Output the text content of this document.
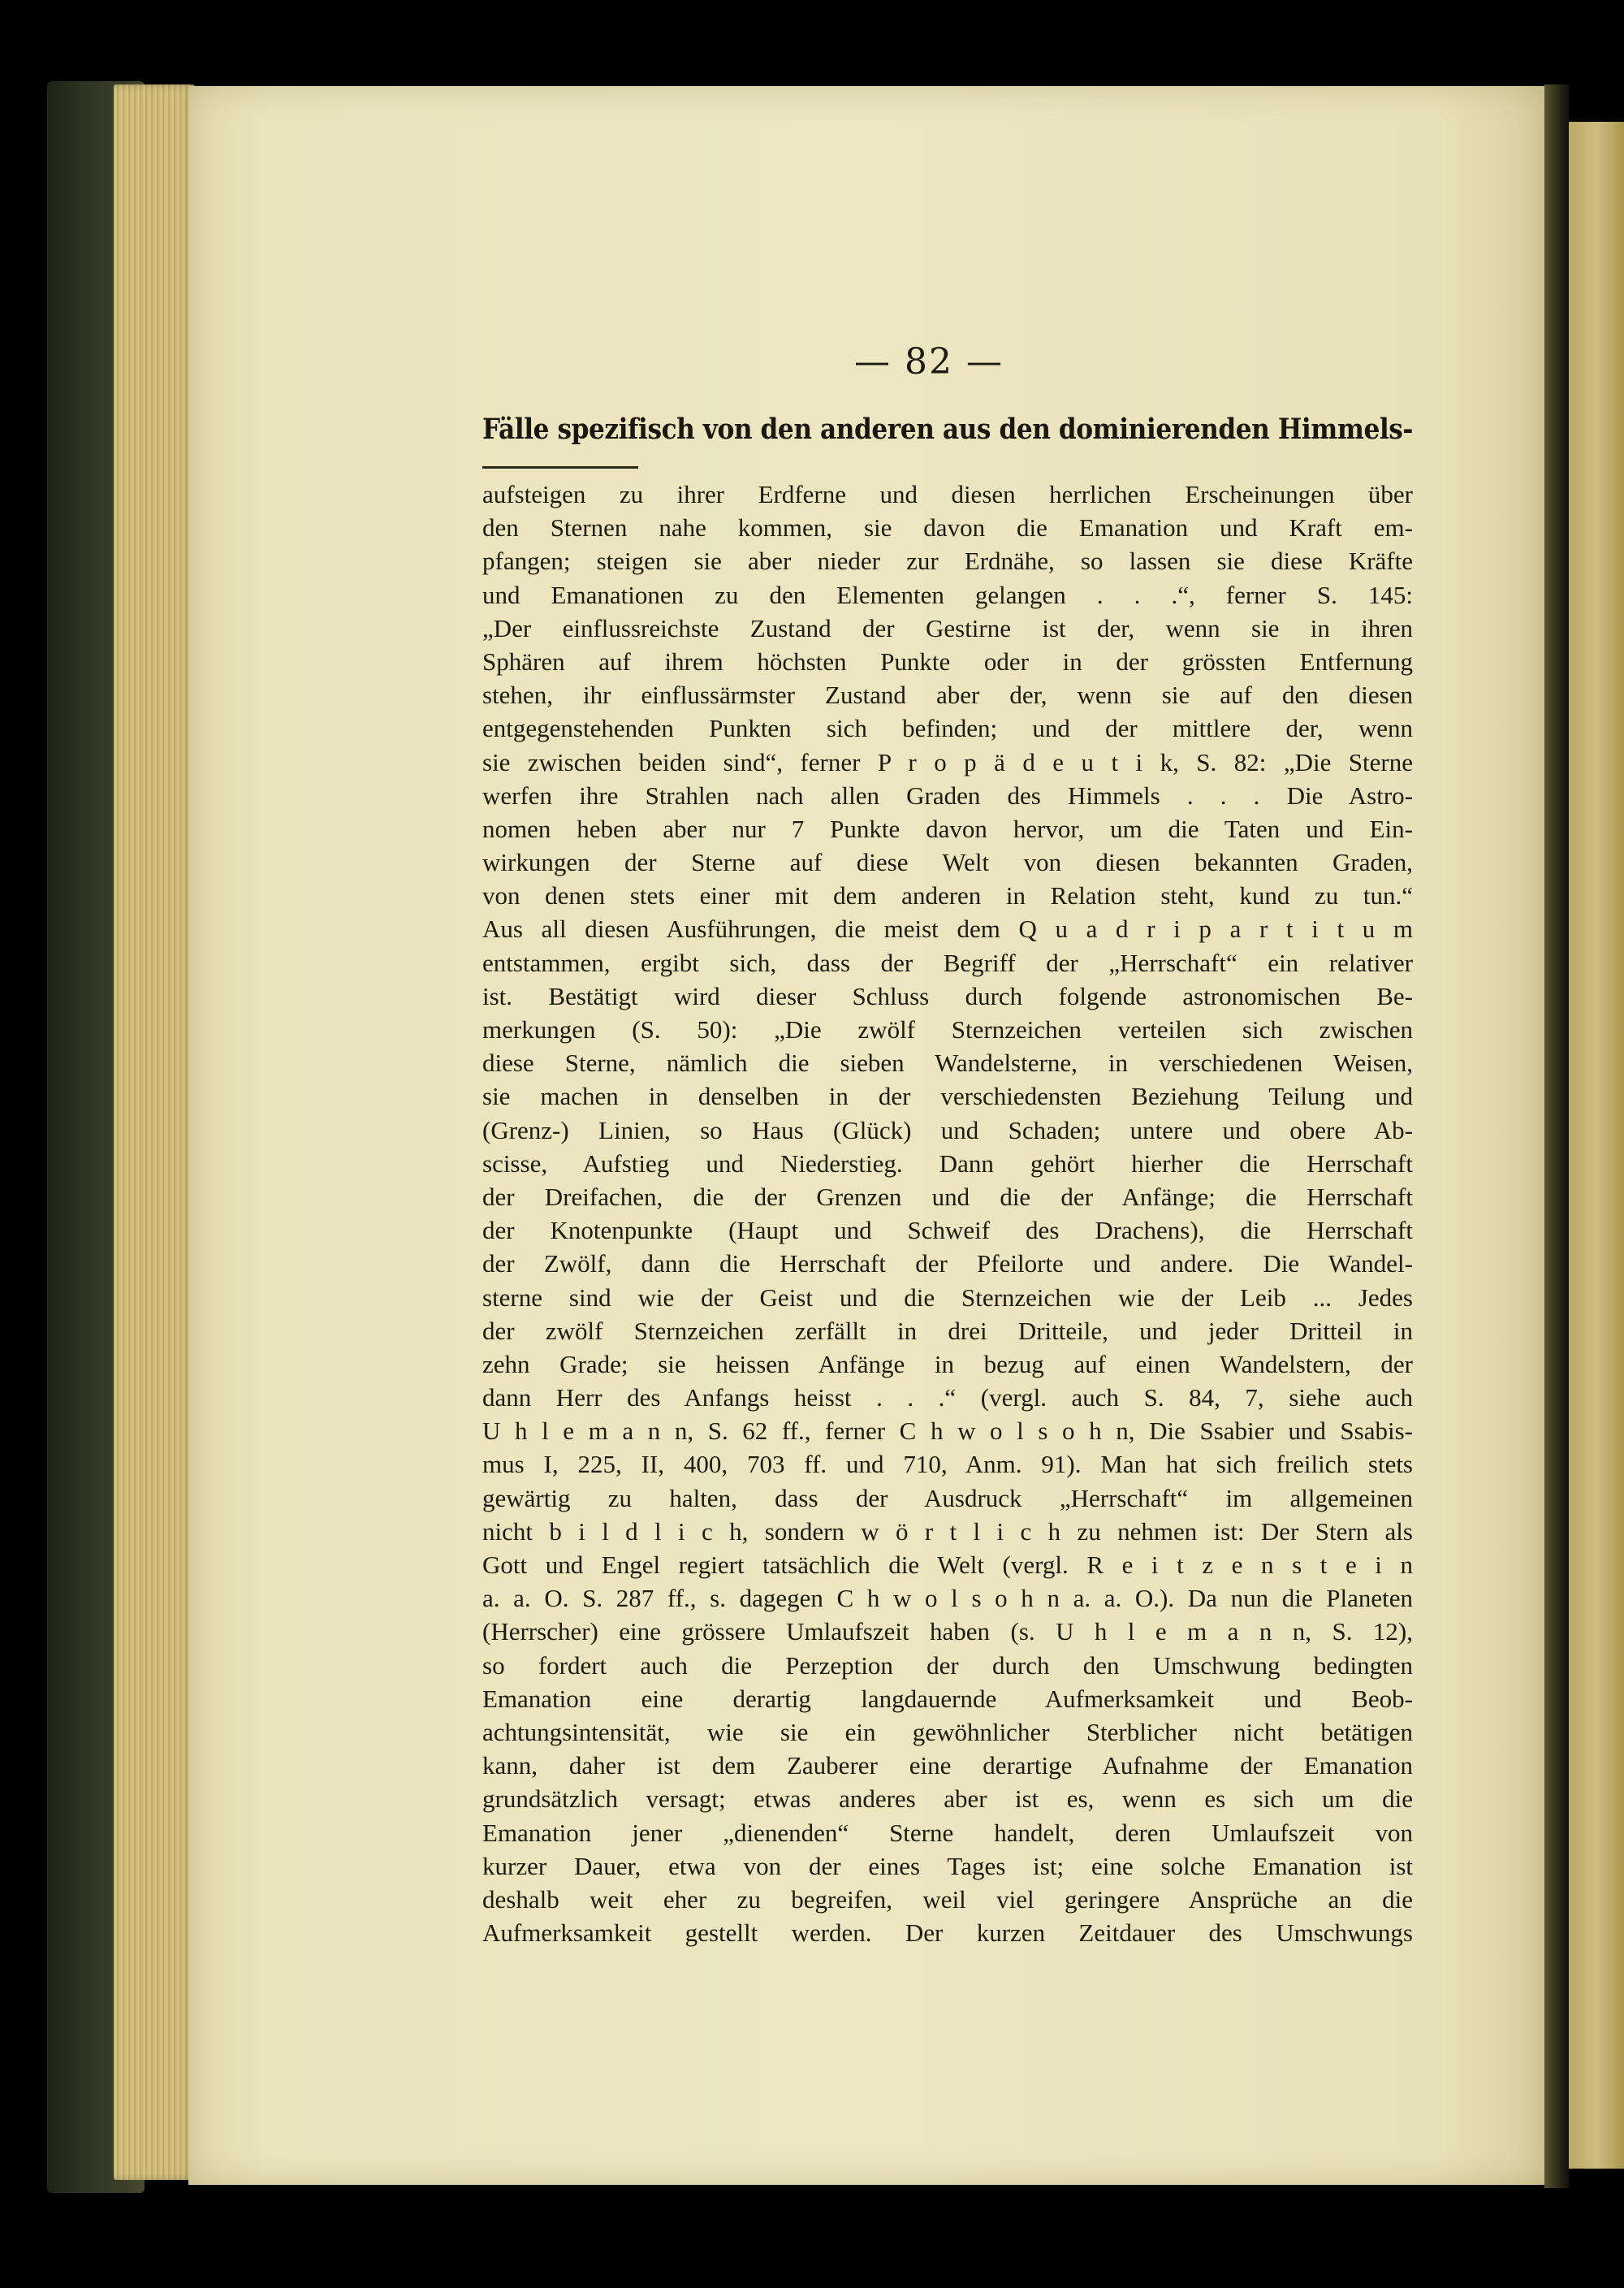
— 82 —
Fälle spezifisch von den anderen aus den dominierenden Himmels-
aufsteigen zu ihrer Erdferne und diesen herrlichen Erscheinungen über
den Sternen nahe kommen, sie davon die Emanation und Kraft em-
pfangen; steigen sie aber nieder zur Erdnähe, so lassen sie diese Kräfte
und Emanationen zu den Elementen gelangen . . .“, ferner S. 145:
„Der einflussreichste Zustand der Gestirne ist der, wenn sie in ihren
Sphären auf ihrem höchsten Punkte oder in der grössten Entfernung
stehen, ihr einflussärmster Zustand aber der, wenn sie auf den diesen
entgegenstehenden Punkten sich befinden; und der mittlere der, wenn
sie zwischen beiden sind“, ferner P r o p ä d e u t i k, S. 82: „Die Sterne
werfen ihre Strahlen nach allen Graden des Himmels . . . Die Astro-
nomen heben aber nur 7 Punkte davon hervor, um die Taten und Ein-
wirkungen der Sterne auf diese Welt von diesen bekannten Graden,
von denen stets einer mit dem anderen in Relation steht, kund zu tun.“
Aus all diesen Ausführungen, die meist dem Q u a d r i p a r t i t u m
entstammen, ergibt sich, dass der Begriff der „Herrschaft“ ein relativer
ist. Bestätigt wird dieser Schluss durch folgende astronomischen Be-
merkungen (S. 50): „Die zwölf Sternzeichen verteilen sich zwischen
diese Sterne, nämlich die sieben Wandelsterne, in verschiedenen Weisen,
sie machen in denselben in der verschiedensten Beziehung Teilung und
(Grenz-) Linien, so Haus (Glück) und Schaden; untere und obere Ab-
scisse, Aufstieg und Niederstieg. Dann gehört hierher die Herrschaft
der Dreifachen, die der Grenzen und die der Anfänge; die Herrschaft
der Knotenpunkte (Haupt und Schweif des Drachens), die Herrschaft
der Zwölf, dann die Herrschaft der Pfeilorte und andere. Die Wandel-
sterne sind wie der Geist und die Sternzeichen wie der Leib ... Jedes
der zwölf Sternzeichen zerfällt in drei Dritteile, und jeder Dritteil in
zehn Grade; sie heissen Anfänge in bezug auf einen Wandelstern, der
dann Herr des Anfangs heisst . . .“ (vergl. auch S. 84, 7, siehe auch
U h l e m a n n, S. 62 ff., ferner C h w o l s o h n, Die Ssabier und Ssabis-
mus I, 225, II, 400, 703 ff. und 710, Anm. 91). Man hat sich freilich stets
gewärtig zu halten, dass der Ausdruck „Herrschaft“ im allgemeinen
nicht b i l d l i c h, sondern w ö r t l i c h zu nehmen ist: Der Stern als
Gott und Engel regiert tatsächlich die Welt (vergl. R e i t z e n s t e i n
a. a. O. S. 287 ff., s. dagegen C h w o l s o h n a. a. O.). Da nun die Planeten
(Herrscher) eine grössere Umlaufszeit haben (s. U h l e m a n n, S. 12),
so fordert auch die Perzeption der durch den Umschwung bedingten
Emanation eine derartig langdauernde Aufmerksamkeit und Beob-
achtungsintensität, wie sie ein gewöhnlicher Sterblicher nicht betätigen
kann, daher ist dem Zauberer eine derartige Aufnahme der Emanation
grundsätzlich versagt; etwas anderes aber ist es, wenn es sich um die
Emanation jener „dienenden“ Sterne handelt, deren Umlaufszeit von
kurzer Dauer, etwa von der eines Tages ist; eine solche Emanation ist
deshalb weit eher zu begreifen, weil viel geringere Ansprüche an die
Aufmerksamkeit gestellt werden. Der kurzen Zeitdauer des Umschwungs
